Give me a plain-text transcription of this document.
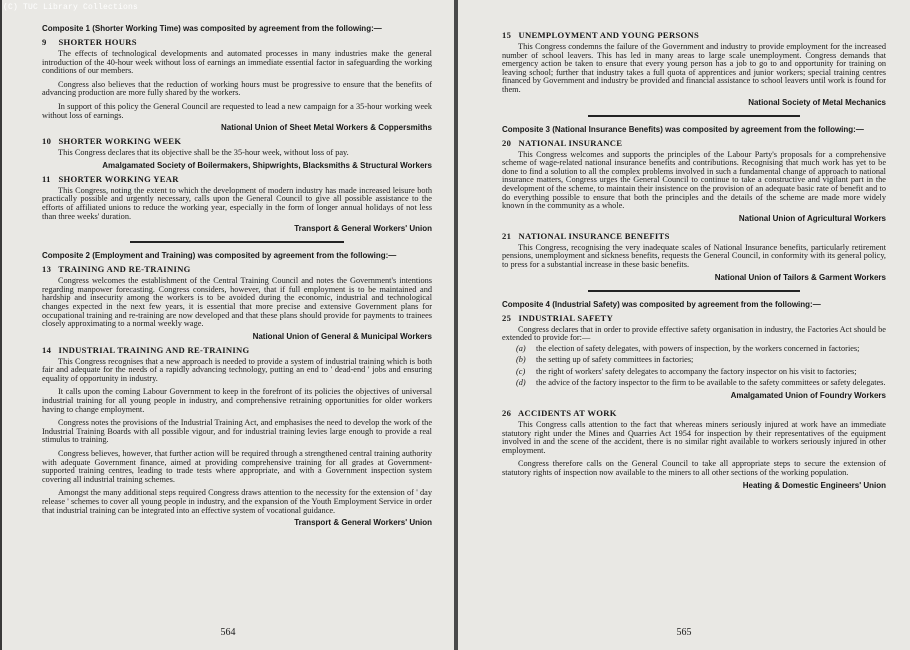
(C) TUC Library Collections
Composite 1 (Shorter Working Time) was composited by agreement from the following:—
9 SHORTER HOURS

The effects of technological developments and automated processes in many industries make the general introduction of the 40-hour week without loss of earnings an immediate essential factor in safeguarding the working conditions of our members.

Congress also believes that the reduction of working hours must be progressive to ensure that the benefits of advancing production are more fully shared by the workers.

In support of this policy the General Council are requested to lead a new campaign for a 35-hour working week without loss of earnings.

National Union of Sheet Metal Workers & Coppersmiths
10 SHORTER WORKING WEEK

This Congress declares that its objective shall be the 35-hour week, without loss of pay.

Amalgamated Society of Boilermakers, Shipwrights, Blacksmiths & Structural Workers
11 SHORTER WORKING YEAR

This Congress, noting the extent to which the development of modern industry has made increased leisure both practically possible and urgently necessary, calls upon the General Council to give all possible assistance to the efforts of affiliated unions to reduce the working year, especially in the form of longer annual holidays of not less than three weeks' duration.

Transport & General Workers' Union
Composite 2 (Employment and Training) was composited by agreement from the following:—
13 TRAINING AND RE-TRAINING

Congress welcomes the establishment of the Central Training Council and notes the Government's intentions regarding manpower forecasting. Congress considers, however, that if full employment is to be maintained and hardship and insecurity among the workers is to be avoided during the economic, industrial and technological changes expected in the next few years, it is essential that more precise and extensive Government plans for occupational training and re-training are now developed and that these plans should provide for payments to trainees closely approximating to a normal weekly wage.

National Union of General & Municipal Workers
14 INDUSTRIAL TRAINING AND RE-TRAINING

This Congress recognises that a new approach is needed to provide a system of industrial training which is both fair and adequate for the needs of a rapidly advancing technology, putting an end to ' dead-end ' jobs and ensuring equality of opportunity in industry.

It calls upon the coming Labour Government to keep in the forefront of its policies the objectives of universal industrial training for all young people in industry, and comprehensive retraining opportunities for older workers having to change employment.

Congress notes the provisions of the Industrial Training Act, and emphasises the need to develop the work of the Industrial Training Boards with all possible vigour, and for industrial training levies large enough to provide a real stimulus to training.

Congress believes, however, that further action will be required through a strengthened central training authority with adequate Government finance, aimed at providing comprehensive training for all grades at Government-supported training centres, leading to trade tests where appropriate, and with a Government inspection system covering all industrial training schemes.

Amongst the many additional steps required Congress draws attention to the necessity for the extension of ' day release ' schemes to cover all young people in industry, and the expansion of the Youth Employment Service in order that industrial training can be integrated into an effective system of vocational guidance.

Transport & General Workers' Union
564
15 UNEMPLOYMENT AND YOUNG PERSONS

This Congress condemns the failure of the Government and industry to provide employment for the increased number of school leavers. This has led in many areas to large scale unemployment. Congress demands that emergency action be taken to ensure that every young person has a job to go to and opportunity for training on leaving school; further that industry takes a full quota of apprentices and junior workers; special training centres financed by Government and industry be provided and financial assistance to school leavers until work is found for them.

National Society of Metal Mechanics
Composite 3 (National Insurance Benefits) was composited by agreement from the following:—
20 NATIONAL INSURANCE

This Congress welcomes and supports the principles of the Labour Party's proposals for a comprehensive scheme of wage-related national insurance benefits and contributions. Recognising that much work has yet to be done to find a solution to all the complex problems involved in such a fundamental change of approach to national insurance matters, Congress urges the General Council to continue to take a constructive and vigilant part in the development of the scheme, to maintain their insistence on the provision of an adequate basic rate of benefit and to do everything possible to ensure that both the principles and the details of the scheme are made more widely known in the community as a whole.

National Union of Agricultural Workers
21 NATIONAL INSURANCE BENEFITS

This Congress, recognising the very inadequate scales of National Insurance benefits, particularly retirement pensions, unemployment and sickness benefits, requests the General Council, in conformity with its general policy, to press for a substantial increase in these basic benefits.

National Union of Tailors & Garment Workers
Composite 4 (Industrial Safety) was composited by agreement from the following:—
25 INDUSTRIAL SAFETY

Congress declares that in order to provide effective safety organisation in industry, the Factories Act should be extended to provide for:—

(a)	the election of safety delegates, with powers of inspection, by the workers concerned in factories;
(b)	the setting up of safety committees in factories;
(c)	the right of workers' safety delegates to accompany the factory inspector on his visit to factories;
(d)	the advice of the factory inspector to the firm to be available to the safety committees or safety delegates.
Amalgamated Union of Foundry Workers
26 ACCIDENTS AT WORK

This Congress calls attention to the fact that whereas miners seriously injured at work have an immediate statutory right under the Mines and Quarries Act 1954 for inspection by their representatives of the equipment involved in and the scene of the accident, there is no similar right available to workers seriously injured in other employment.

Congress therefore calls on the General Council to take all appropriate steps to secure the extension of statutory rights of inspection now available to the miners to all other sections of the working population.

Heating & Domestic Engineers' Union
565
